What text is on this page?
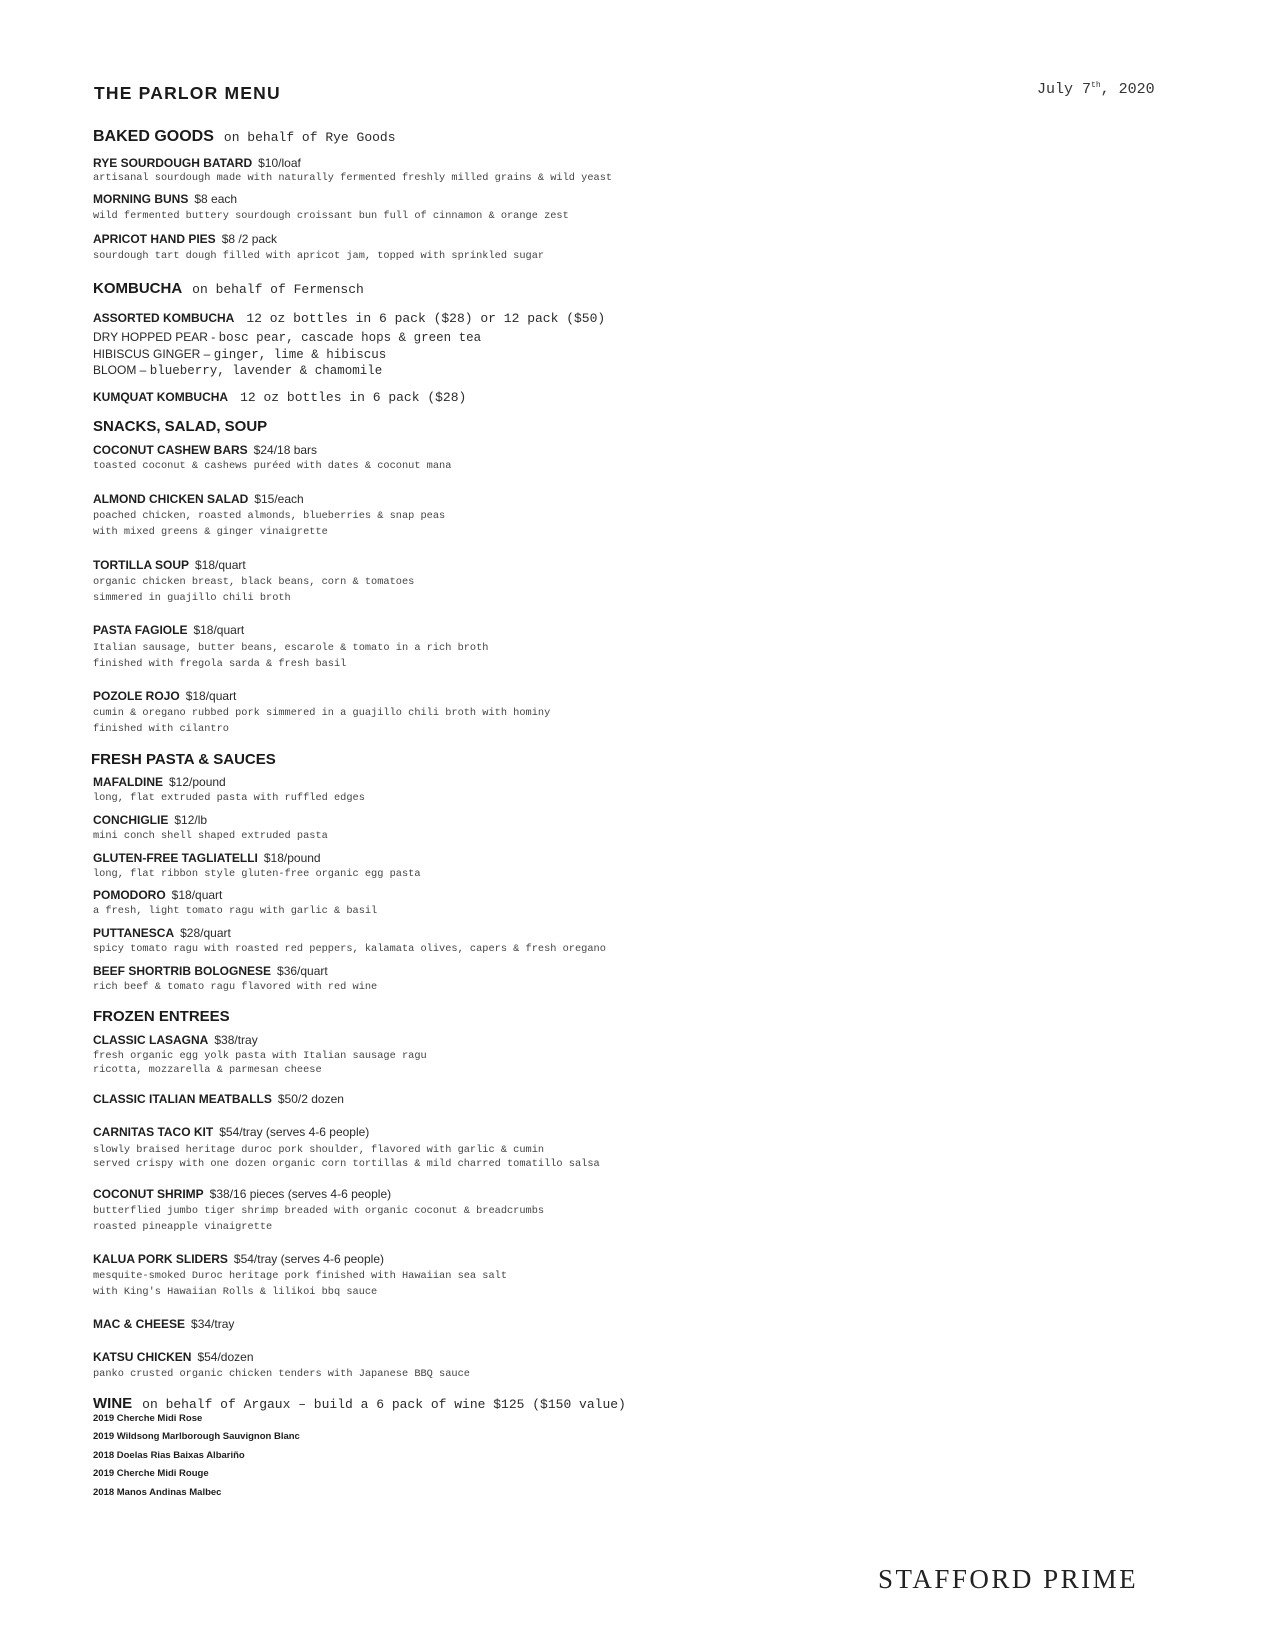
THE PARLOR MENU	July 7th, 2020
BAKED GOODS on behalf of Rye Goods
RYE SOURDOUGH BATARD $10/loaf
artisanal sourdough made with naturally fermented freshly milled grains & wild yeast
MORNING BUNS $8 each
wild fermented buttery sourdough croissant bun full of cinnamon & orange zest
APRICOT HAND PIES $8 /2 pack
sourdough tart dough filled with apricot jam, topped with sprinkled sugar
KOMBUCHA on behalf of Fermensch
ASSORTED KOMBUCHA 12 oz bottles in 6 pack ($28) or 12 pack ($50)
DRY HOPPED PEAR - bosc pear, cascade hops & green tea
HIBISCUS GINGER – ginger, lime & hibiscus
BLOOM – blueberry, lavender & chamomile
KUMQUAT KOMBUCHA 12 oz bottles in 6 pack ($28)
SNACKS, SALAD, SOUP
COCONUT CASHEW BARS $24/18 bars
toasted coconut & cashews puréed with dates & coconut mana
ALMOND CHICKEN SALAD $15/each
poached chicken, roasted almonds, blueberries & snap peas
with mixed greens & ginger vinaigrette
TORTILLA SOUP $18/quart
organic chicken breast, black beans, corn & tomatoes
simmered in guajillo chili broth
PASTA FAGIOLE $18/quart
Italian sausage, butter beans, escarole & tomato in a rich broth
finished with fregola sarda & fresh basil
POZOLE ROJO $18/quart
cumin & oregano rubbed pork simmered in a guajillo chili broth with hominy
finished with cilantro
FRESH PASTA & SAUCES
MAFALDINE $12/pound
long, flat extruded pasta with ruffled edges
CONCHIGLIE $12/lb
mini conch shell shaped extruded pasta
GLUTEN-FREE TAGLIATELLI $18/pound
long, flat ribbon style gluten-free organic egg pasta
POMODORO $18/quart
a fresh, light tomato ragu with garlic & basil
PUTTANESCA $28/quart
spicy tomato ragu with roasted red peppers, kalamata olives, capers & fresh oregano
BEEF SHORTRIB BOLOGNESE $36/quart
rich beef & tomato ragu flavored with red wine
FROZEN ENTREES
CLASSIC LASAGNA $38/tray
fresh organic egg yolk pasta with Italian sausage ragu
ricotta, mozzarella & parmesan cheese
CLASSIC ITALIAN MEATBALLS $50/2 dozen
CARNITAS TACO KIT $54/tray (serves 4-6 people)
slowly braised heritage duroc pork shoulder, flavored with garlic & cumin
served crispy with one dozen organic corn tortillas & mild charred tomatillo salsa
COCONUT SHRIMP $38/16 pieces (serves 4-6 people)
butterflied jumbo tiger shrimp breaded with organic coconut & breadcrumbs
roasted pineapple vinaigrette
KALUA PORK SLIDERS $54/tray (serves 4-6 people)
mesquite-smoked Duroc heritage pork finished with Hawaiian sea salt
with King's Hawaiian Rolls & lilikoi bbq sauce
MAC & CHEESE $34/tray
KATSU CHICKEN $54/dozen
panko crusted organic chicken tenders with Japanese BBQ sauce
WINE on behalf of Argaux – build a 6 pack of wine $125 ($150 value)
2019 Cherche Midi Rose
2019 Wildsong Marlborough Sauvignon Blanc
2018 Doelas Rias Baixas Albariño
2019 Cherche Midi Rouge
2018 Manos Andinas Malbec
STAFFORD PRIME
